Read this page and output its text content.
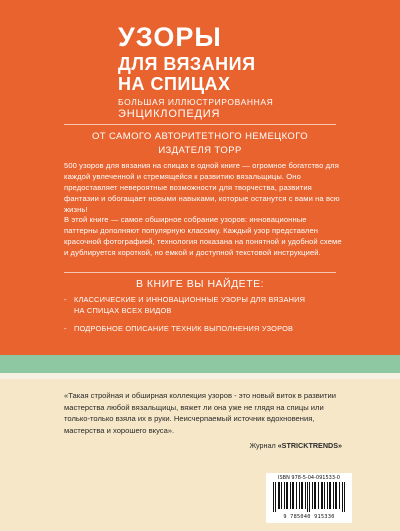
УЗОРЫ
ДЛЯ ВЯЗАНИЯ
НА СПИЦАХ
БОЛЬШАЯ ИЛЛЮСТРИРОВАННАЯ
ЭНЦИКЛОПЕДИЯ
ОТ САМОГО АВТОРИТЕТНОГО НЕМЕЦКОГО
ИЗДАТЕЛЯ TOPP
500 узоров для вязания на спицах в одной книге — огромное богатство для каждой увлеченной и стремящейся к развитию вязальщицы. Оно предоставляет невероятные возможности для творчества, развития фантазии и обогащает новыми навыками, которые останутся с вами на всю жизнь!
В этой книге — самое обширное собрание узоров: инновационные паттерны дополняют популярную классику. Каждый узор представлен красочной фотографией, технология показана на понятной и удобной схеме и дублируется короткой, но емкой и доступной текстовой инструкцией.
В КНИГЕ ВЫ НАЙДЕТЕ:
- КЛАССИЧЕСКИЕ И ИННОВАЦИОННЫЕ УЗОРЫ ДЛЯ ВЯЗАНИЯ
НА СПИЦАХ ВСЕХ ВИДОВ
- ПОДРОБНОЕ ОПИСАНИЕ ТЕХНИК ВЫПОЛНЕНИЯ УЗОРОВ
«Такая стройная и обширная коллекция узоров - это новый виток в развитии мастерства любой вязальщицы, вяжет ли она уже не глядя на спицы или только-только взяла их в руки. Неисчерпаемый источник вдохновения, мастерства и хорошего вкуса».
Журнал «STRICKTRENDS»
ISBN 978-5-04-091533-0
9 785040 915330
